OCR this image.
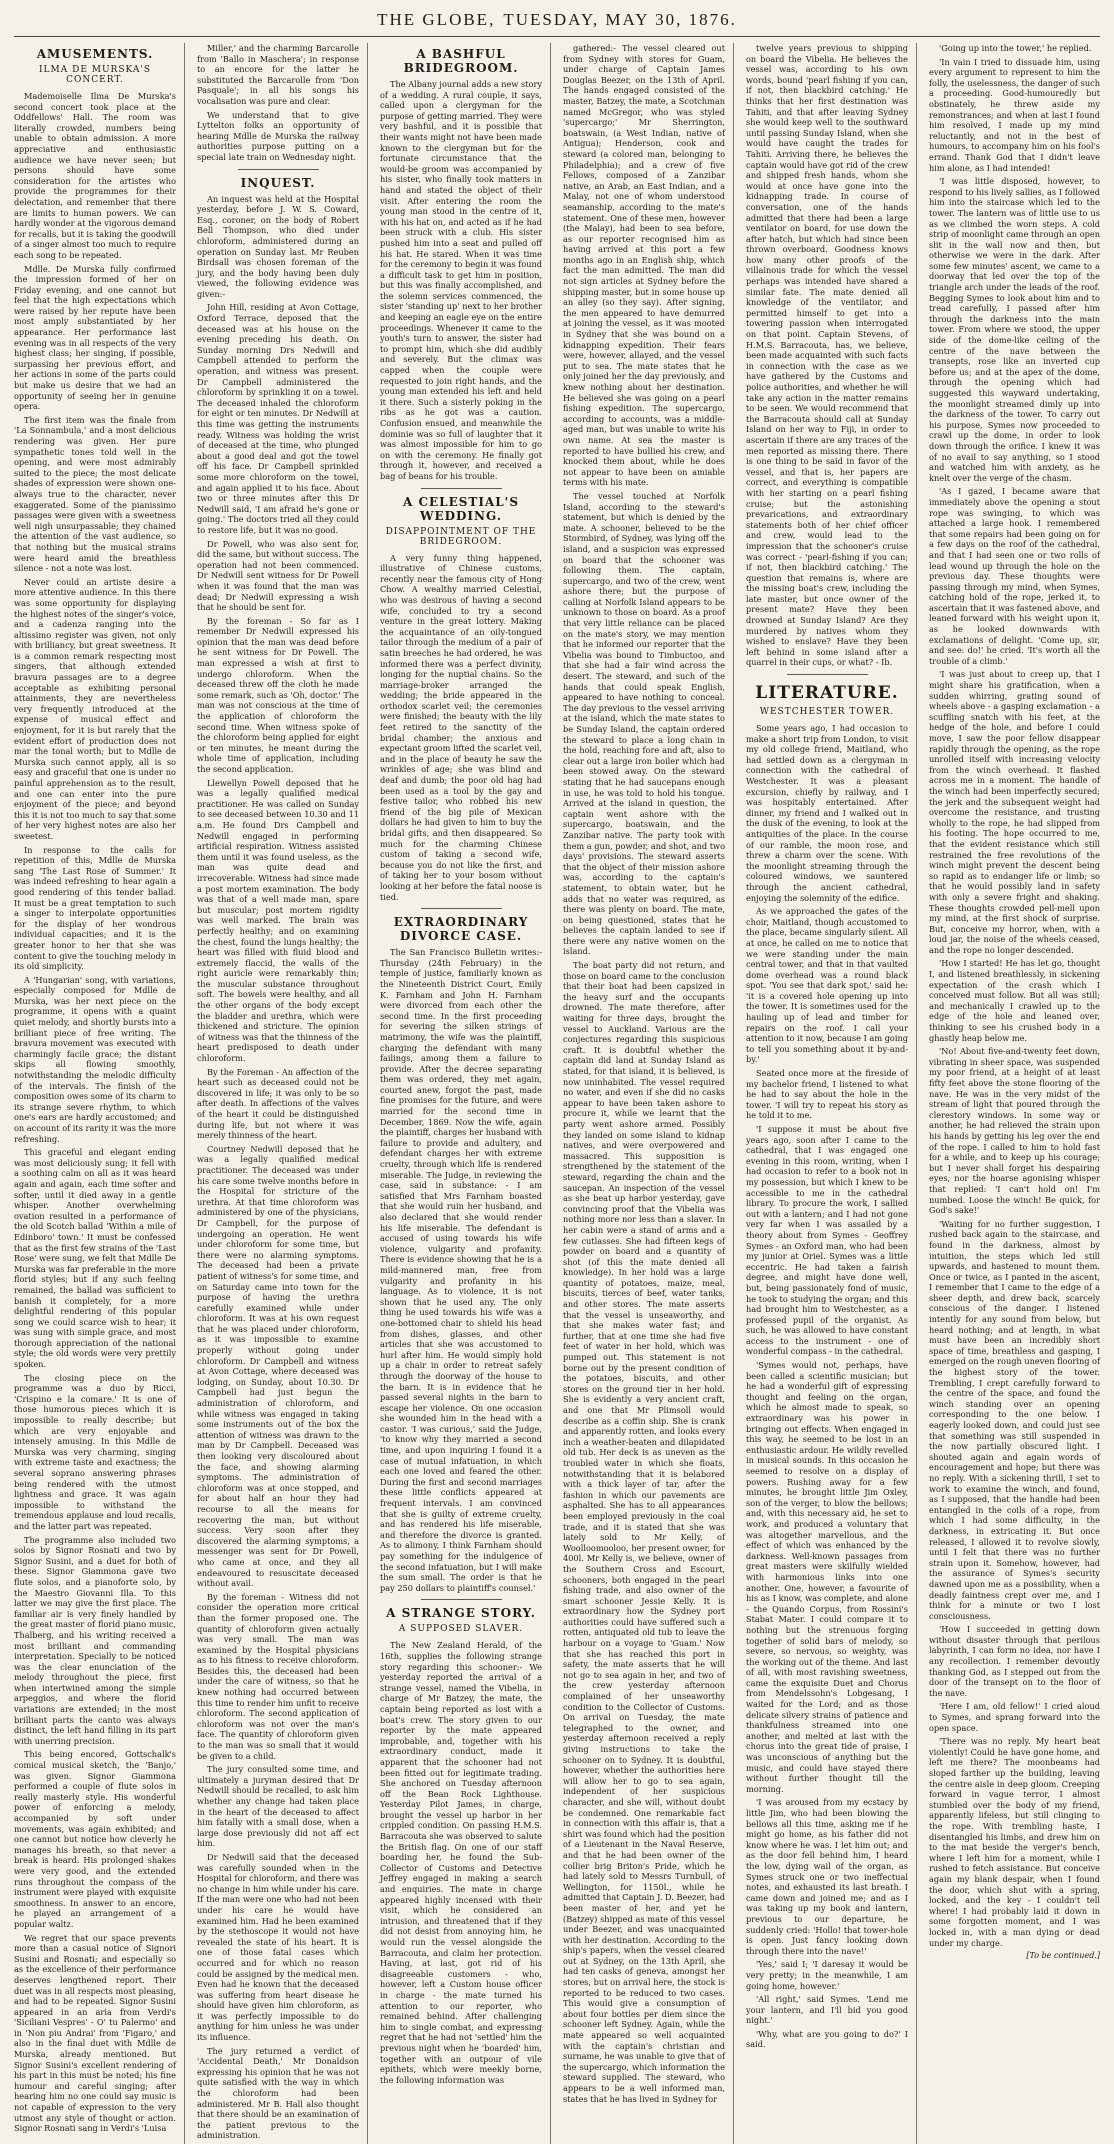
THE GLOBE, TUESDAY, MAY 30, 1876.
AMUSEMENTS.
ILMA DE MURSKA'S CONCERT.

Mademoiselle Ilma De Murska's second concert took place at the Oddfellows' Hall. The room was literally crowded, numbers being unable to obtain admission. A more appreciative and enthusiastic audience we have never seen; but persons should have some consideration for the artistes who provide the programmes for their delectation, and remember that there are limits to human powers. We can hardly wonder at the vigorous demand for recalls, but it is taking the goodwill of a singer almost too much to require each song to be repeated.

Mdlle. De Murska fully confirmed the impression formed of her on Friday evening, and one cannot but feel that the high expectations which were raised by her repute have been most amply substantiated by her appearance. Her performance last evening was in all respects of the very highest class; her singing, if possible, surpassing her previous effort, and her actions in some of the parts could but make us desire that we had an opportunity of seeing her in genuine opera.

The first item was the finale from 'La Sonnambula,' and a most delicious rendering was given. Her pure sympathetic tones told well in the opening, and were most admirably suited to the piece; the most delicate shades of expression were shown one-always true to the character, never exaggerated. Some of the pianissimo passages were given with a sweetness well nigh unsurpassable; they chained the attention of the vast audience, so that nothing but the musical strains were heard amid the breathless silence - not a note was lost.

Never could an artiste desire a more attentive audience. In this there was some opportunity for displaying the highest notes of the singer's voice, and a cadenza ranging into the altissimo register was given, not only with brilliancy, but great sweetness. It is a common remark respecting most singers, that although extended bravura passages are to a degree acceptable as exhibiting personal attainments, they are nevertheless very frequently introduced at the expense of musical effect and enjoyment, for it is but rarely that the evident effort of production does not mar the tonal worth; but to Mdlle de Murska such cannot apply, all is so easy and graceful that one is under no painful apprehension as to the result, and one can enter into the pure enjoyment of the piece; and beyond this it is not too much to say that some of her very highest notes are also her sweetest.

In response to the calls for repetition of this, Mdlle de Murska sang 'The Last Rose of Summer.' It was indeed refreshing to hear again a good rendering of this tender ballad. It must be a great temptation to such a singer to interpolate opportunities for the display of her wondrous individual capacities; and it is the greater honor to her that she was content to give the touching melody in its old simplicity.

A 'Hungarian' song, with variations, especially composed for Mdlle de Murska, was her next piece on the programme, it opens with a quaint quiet melody, and shortly bursts into a brilliant piece of free writing. The bravura movement was executed with charmingly facile grace; the distant skips all flowing smoothly, notwithstanding the melodic difficulty of the intervals. The finish of the composition owes some of its charm to its strange severe rhythm, to which one's ears are hardly accustomed; and on account of its rarity it was the more refreshing.

This graceful and elegant ending was most deliciously sung; it fell with a soothing calm on all as it was heard again and again, each time softer and softer, until it died away in a gentle whisper. Another overwhelming ovation resulted in a performance of the old Scotch ballad 'Within a mile of Edinboro' town.' It must be confessed that as the first few strains of the 'Last Rose' were sung, we felt that Mdlle De Murska was far preferable in the more florid styles; but if any such feeling remained, the ballad was sufficient to banish it completely, for a more delightful rendering of this popular song we could scarce wish to hear; it was sung with simple grace, and most thorough appreciation of the national style; the old words were very prettily spoken.

The closing piece on the programme was a duo by Ricci, 'Crispino e la comare.' It is one of those humorous pieces which it is impossible to really describe; but which are very enjoyable and intensely amusing. In this Mdlle de Murska was very charming, singing with extreme taste and exactness; the several soprano answering phrases being rendered with the utmost lightness and grace. It was again impossible to withstand the tremendous applause and loud recalls, and the latter part was repeated.

The programme also included two solos by Signor Rosnati and two by Signor Susini, and a duet for both of these. Signor Giammona gave two flute solos, and a pianoforte solo, by the Maestro Giovanni Illa. To this latter we may give the first place. The familiar air is very finely handled by the great master of florid piano music, Thalberg, and his writing received a most brilliant and commanding interpretation. Specially to be noticed was the clear enunciation of the melody throughout the piece, first when intertwined among the simple arpeggios, and where the florid variations are extended; in the most brilliant parts the canto was always distinct, the left hand filling in its part with unerring precision.

This being encored, Gottschalk's comical musical sketch, the 'Banjo,' was given. Signor Giammona performed a couple of flute solos in really masterly style. His wonderful power of enforcing a melody, accompanied by soft under movements, was again exhibited; and one cannot but notice how cleverly he manages his breath, so that never a break is heard. His prolonged shakes were very good, and the extended runs throughout the compass of the instrument were played with exquisite smoothness. In answer to an encore, he played an arrangement of a popular waltz.

We regret that our space prevents more than a casual notice of Signori Susini and Rosnati; and especially so as the excellence of their performance deserves lengthened report. Their duet was in all respects most pleasing, and had to be repeated. Signor Susini appeared in an aria from Verdi's 'Siciliani Vespres' - O' tu Palermo' and in 'Non piu Andrai' from 'Figaro,' and also in the final duet with Mdlle de Murska, already mentioned. But Signor Susini's excellent rendering of his part in this must be noted; his fine humour and careful singing; after hearing him no one could say music is not capable of expression to the very utmost any style of thought or action. Signor Rosnati sang in Verdi's 'Luisa

Miller,' and the charming Barcarolle from 'Ballo in Maschera'; in response to an encore for the latter he substituted the Barcarolle from 'Don Pasquale'; in all his songs his vocalisation was pure and clear.

We understand that to give Lyttelton folks an opportunity of hearing Mdlle de Murska the railway authorities purpose putting on a special late train on Wednesday night.

INQUEST.

An inquest was held at the Hospital yesterday, before J. W. S. Coward, Esq., coroner, on the body of Robert Bell Thompson, who died under chloroform, administered during an operation on Sunday last. Mr Reuben Birdsall was chosen foreman of the jury, and the body having been duly viewed, the following evidence was given:-

John Hill, residing at Avon Cottage, Oxford Terrace, deposed that the deceased was at his house on the evening preceding his death. On Sunday morning Drs Nedwill and Campbell attended to perform the operation, and witness was present. Dr Campbell administered the chloroform by sprinkling it on a towel. The deceased inhaled the chloroform for eight or ten minutes. Dr Nedwill at this time was getting the instruments ready. Witness was holding the wrist of deceased at the time, who plunged about a good deal and got the towel off his face. Dr Campbell sprinkled some more chloroform on the towel, and again applied it to his face. About two or three minutes after this Dr Nedwill said, 'I am afraid he's gone or going.' The doctors tried all they could to restore life, but it was no good.

Dr Powell, who was also sent for, did the same, but without success. The operation had not been commenced. Dr Nedwill sent witness for Dr Powell when it was found that the man was dead; Dr Nedwill expressing a wish that he should be sent for.

By the foreman - So far as I remember Dr Nedwill expressed his opinion that the man was dead before he sent witness for Dr Powell. The man expressed a wish at first to undergo chloroform. When the deceased threw off the cloth he made some remark, such as 'Oh, doctor.' The man was not conscious at the time of the application of chloroform the second time. When witness spoke of the chloroform being applied for eight or ten minutes, he meant during the whole time of application, including the second application.

Llewellyn Powell deposed that he was a legally qualified medical practitioner. He was called on Sunday to see deceased between 10.30 and 11 a.m. He found Drs Campbell and Nedwill engaged in performing artificial respiration. Witness assisted them until it was found useless, as the man was quite dead and irrecoverable. Witness had since made a post mortem examination. The body was that of a well made man, spare but muscular; post mortem rigidity was well marked. The brain was perfectly healthy; and on examining the chest, found the lungs healthy; the heart was filled with fluid blood and extremely flaccid, the walls of the right auricle were remarkably thin; the muscular substance throughout soft. The bowels were healthy, and all the other organs of the body except the bladder and urethra, which were thickened and stricture. The opinion of witness was that the thinness of the heart predisposed to death under chloroform.

By the Foreman - An affection of the heart such as deceased could not be discovered in life; it was only to be so after death. In affections of the valves of the heart it could be distinguished during life, but not where it was merely thinness of the heart.

Courtney Nedwill deposed that he was a legally qualified medical practitioner. The deceased was under his care some twelve months before in the Hospital for stricture of the urethra. At that time chloroform was administered by one of the physicians, Dr Campbell, for the purpose of undergoing an operation. He went under chloroform for some time, but there were no alarming symptoms. The deceased had been a private patient of witness's for some time, and on Saturday came into town for the purpose of having the urethra carefully examined while under chloroform. It was at his own request that he was placed under chloroform, as it was impossible to examine properly without going under chloroform. Dr Campbell and witness at Avon Cottage, where deceased was lodging, on Sunday, about 10.30. Dr Campbell had just begun the administration of chloroform, and while witness was engaged in taking some instruments out of the box the attention of witness was drawn to the man by Dr Campbell. Deceased was then looking very discoloured about the face, and showing alarming symptoms. The administration of chloroform was at once stopped, and for about half an hour they had recourse to all the means for recovering the man, but without success. Very soon after they discovered the alarming symptoms, a messenger was sent for Dr Powell, who came at once, and they all endeavoured to resuscitate deceased without avail.

By the foreman - Witness did not consider the operation more critical than the former proposed one. The quantity of chloroform given actually was very small. The man was examined by the Hospital physicians as to his fitness to receive chloroform. Besides this, the deceased had been under the care of witness, so that he knew nothing had occurred between this time to render him unfit to receive chloroform. The second application of chloroform was not over the man's face. The quantity of chloroform given to the man was so small that it would be given to a child.

The jury consulted some time, and ultimately a juryman desired that Dr Nedwill should be recalled, to ask him whether any change had taken place in the heart of the deceased to affect him fatally with a small dose, when a large dose previously did not aff ect him.

Dr Nedwill said that the deceased was carefully sounded when in the Hospital for chloroform, and there was no change in him while under his care. If the man were one who had not been under his care he would have examined him. Had he been examined by the stethoscope it would not have revealed the state of his heart. It is one of those fatal cases which occurred and for which no reason could be assigned by the medical men. Even had he known that the deceased was suffering from heart disease he should have given him chloroform, as it was perfectly impossible to do anything for him unless he was under its influence.

The jury returned a verdict of 'Accidental Death,' Mr Donaldson expressing his opinion that he was not quite satisfied with the way in which the chloroform had been administered. Mr B. Hall also thought that there should be an examination of the patient previous to the administration.

A BASHFUL BRIDEGROOM.

The Albany journal adds a new story of a wedding. A rural couple, it says, called upon a clergyman for the purpose of getting married. They were very bashful, and it is possible that their wants might not have been made known to the clergyman but for the fortunate circumstance that the would-be groom was accompanied by his sister, who finally took matters in hand and stated the object of their visit. After entering the room the young man stood in the centre of it, with his hat on, and acted as if he had been struck with a club. His sister pushed him into a seat and pulled off his hat. He stared. When it was time for the ceremony to begin it was found a difficult task to get him in position, but this was finally accomplished, and the solemn services commenced, the sister 'standing up' next to her brother and keeping an eagle eye on the entire proceedings. Whenever it came to the youth's turn to answer, the sister had to prompt him, which she did audibly and severely. But the climax was capped when the couple were requested to join right hands, and the young man extended his left and held it there. Such a sisterly poking in the ribs as he got was a caution. Confusion ensued, and meanwhile the dominie was so full of laughter that it was almost impossible for him to go on with the ceremony. He finally got through it, however, and received a bag of beans for his trouble.

A CELESTIAL'S WEDDING.
DISAPPOINTMENT OF THE BRIDEGROOM.

A very funny thing happened, illustrative of Chinese customs, recently near the famous city of Hong Chow. A wealthy married Celestial, who was desirous of having a second wife, concluded to try a second venture in the great lottery. Making the acquaintance of an oily-tongued tailor through the medium of a pair of satin breeches he had ordered, he was informed there was a perfect divinity, longing for the nuptial chains. So the marriage-broker arranged the wedding; the bride appeared in the orthodox scarlet veil; the ceremonies were finished; the beauty with the lily feet retired to the sanctity of the bridal chamber; the anxious and expectant groom lifted the scarlet veil, and in the place of beauty he saw the wrinkles of age; she was blind and deaf and dumb; the poor old hag had been used as a tool by the gay and festive tailor, who robbed his new friend of the big pile of Mexican dollars he had given to him to buy the bridal gifts, and then disappeared. So much for the charming Chinese custom of taking a second wife, because you do not like the first, and of taking her to your bosom without looking at her before the fatal noose is tied.

EXTRAORDINARY DIVORCE CASE.

The San Francisco Bulletin writes:- Thursday (24th February) in the temple of justice, familiarly known as the Nineteenth District Court, Emily K. Farnham and John H. Farnham were divorced from each other the second time. In the first proceeding for severing the silken strings of matrimony, the wife was the plaintiff, charging the defendant with many failings, among them a failure to provide. After the decree separating them was ordered, they met again, courted anew, forgot the past, made fine promises for the future, and were married for the second time in December, 1869. Now the wife, again the plaintiff, charges her husband with failure to provide and adultery, and defendant charges her with extreme cruelty, through which life is rendered miserable. The Judge, in reviewing the case, said in substance: - I am satisfied that Mrs Farnham boasted that she would ruin her husband, and also declared that she would render his life miserable. The defendant is accused of using towards his wife violence, vulgarity and profanity. There is evidence showing that he is a mild-mannered man, free from vulgarity and profanity in his language. As to violence, it is not shown that he used any. The only thing he used towards his wife was a one-bottomed chair to shield his head from dishes, glasses, and other articles that she was accustomed to hurl after him. He would simply hold up a chair in order to retreat safely through the doorway of the house to the barn. It is in evidence that he passed several nights in the barn to escape her violence. On one occasion she wounded him in the head with a castor. 'I was curious,' said the Judge, 'to know why they married a second time, and upon inquiring I found it a case of mutual infatuation, in which each one loved and feared the other. During the first and second marriages these little conflicts appeared at frequent intervals. I am convinced that she is guilty of extreme cruelty, and has rendered his life miserable, and therefore the divorce is granted. As to alimony, I think Farnham should pay something for the indulgence of the second infatuation, but I will make the sum small. The order is that he pay 250 dollars to plaintiff's counsel.'

A STRANGE STORY.
A SUPPOSED SLAVER.

The New Zealand Herald, of the 16th, supplies the following strange story regarding this schooner:- We yesterday reported the arrival of a strange vessel, named the Vibelia, in charge of Mr Batzey, the mate, the captain being reported as lost with a boat's crew. The story given to our reporter by the mate appeared improbable, and, together with his extraordinary conduct, made it apparent that the schooner had not been fitted out for legitimate trading. She anchored on Tuesday afternoon off the Bean Rock Lighthouse. Yesterday Pilot James, in charge, brought the vessel up harbor in her crippled condition. On passing H.M.S. Barracouta she was observed to salute the British flag. On one of our staff boarding her, he found the Sub-Collector of Customs and Detective Jeffrey engaged in making a search and enquiries. The mate in charge appeared highly incensed with their visit, which he considered an intrusion, and threatened that if they did not desist from annoying him, he would run the vessel alongside the Barracouta, and claim her protection. Having, at last, got rid of his disagreeable customers - who, however, left a Custom house officer in charge - the mate turned his attention to our reporter, who remained behind. After challenging him to single combat, and expressing regret that he had not 'settled' him the previous night when he 'boarded' him, together with an outpour of vile epithets, which were meekly borne, the following information was

gathered:- The vessel cleared out from Sydney with stores for Guam, under charge of Captain James Douglas Beezer, on the 13th of April. The hands engaged consisted of the master, Batzey, the mate, a Scotchman named McGregor, who was styled 'supercargo;' Mr Sherrington, boatswain, (a West Indian, native of Antigua); Henderson, cook and steward (a colored man, belonging to Philadelphia); and a crew of five Fellows, composed of a Zanzibar native, an Arab, an East Indian, and a Malay, not one of whom understood seamanship, according to the mate's statement. One of these men, however (the Malay), had been to sea before, as our reporter recognised him as having arrived at this port a few months ago in an English ship, which fact the man admitted. The man did not sign articles at Sydney before the shipping master, but in some house up an alley (so they say). After signing, the men appeared to have demurred at joining the vessel, as it was mooted in Sydney that she was bound on a kidnapping expedition. Their fears were, however, allayed, and the vessel put to sea. The mate states that he only joined her the day previously, and knew nothing about her destination. He believed she was going on a pearl fishing expedition. The supercargo, according to accounts, was a middle-aged man, but was unable to write his own name. At sea the master is reported to have bullied his crew, and knocked them about, while he does not appear to have been on amiable terms with his mate.

The vessel touched at Norfolk Island, according to the steward's statement, but which is denied by the mate. A schooner, believed to be the Stormbird, of Sydney, was lying off the island, and a suspicion was expressed on board that the schooner was following them. The captain, supercargo, and two of the crew, went ashore there; but the purpose of calling at Norfolk Island appears to be unknown to those on board. As a proof that very little reliance can be placed on the mate's story, we may mention that he informed our reporter that the Vibelia was bound to Timbuctoo, and that she had a fair wind across the desert. The steward, and such of the hands that could speak English, appeared to have nothing to conceal. The day previous to the vessel arriving at the island, which the mate states to be Sunday Island, the captain ordered the steward to place a long chain in the hold, reaching fore and aft, also to clear out a large iron boiler which had been stowed away. On the steward stating that he had saucepans enough in use, he was told to hold his tongue. Arrived at the island in question, the captain went ashore with the supercargo, boatswain, and the Zanzibar native. The party took with them a gun, powder, and shot, and two days' provisions. The steward asserts that the object of their mission ashore was, according to the captain's statement, to obtain water, but he adds that no water was required, as there was plenty on board. The mate, on being questioned, states that he believes the captain landed to see if there were any native women on the island.

The boat party did not return, and those on board came to the conclusion that their boat had been capsized in the heavy surf and the occupants drowned. The mate therefore, after waiting for three days, brought the vessel to Auckland. Various are the conjectures regarding this suspicious craft. It is doubtful whether the captain did land at Sunday Island as stated, for that island, it is believed, is now uninhabited. The vessel required no water, and even if she did no casks appear to have been taken ashore to procure it, while we learnt that the party went ashore armed. Possibly they landed on some island to kidnap natives, and were overpowered and massacred. This supposition is strengthened by the statement of the steward, regarding the chain and the saucepan. An inspection of the vessel as she beat up harbor yesterday, gave convincing proof that the Vibelia was nothing more nor less than a slaver. In her cabin were a stand of arms and a few cutlasses. She had fifteen kegs of powder on board and a quantity of shot (of this the mate denied all knowledge). In her hold was a large quantity of potatoes, maize, meal, biscuits, tierces of beef, water tanks, and other stores. The mate asserts that the vessel is unseaworthy, and that she makes water fast; and further, that at one time she had five feet of water in her hold, which was pumped out. This statement is not borne out by the present condition of the potatoes, biscuits, and other stores on the ground tier in her hold. She is evidently a very ancient craft, and one that Mr Plimsoll would describe as a coffin ship. She is crank and apparently rotten, and looks every inch a weather-beaten and dilapidated old tub. Her deck is as uneven as the troubled water in which she floats, notwithstanding that it is belabored with a thick layer of tar, after the fashion in which our pavements are asphalted. She has to all appearances been employed previously in the coal trade, and it is stated that she was lately sold to Mr Kelly, of Woolloomooloo, her present owner, for 400l. Mr Kelly is, we believe, owner of the Southern Cross and Escourt, schooners, both engaged in the pearl fishing trade, and also owner of the smart schooner Jessie Kelly. It is extraordinary how the Sydney port authorities could have suffered such a rotten, antiquated old tub to leave the harbour on a voyage to 'Guam.' Now that she has reached this port in safety, the mate asserts that he will not go to sea again in her, and two of the crew yesterday afternoon complained of her unseaworthy condition to the Collector of Customs. On arrival on Tuesday, the mate telegraphed to the owner, and yesterday afternoon received a reply giving instructions to take the schooner on to Sydney. It is doubtful, however, whether the authorities here will allow her to go to sea again, independent of her suspicious character, and she will, without doubt be condemned. One remarkable fact in connection with this affair is, that a shirt was found which had the position of a Lieutenant in the Naval Reserve, and that he had been owner of the collier brig Briton's Pride, which he had lately sold to Messrs Turnbull, of Wellington, for 1150l., while he admitted that Captain J. D. Beezer, had been master of her, and yet he (Batzey) shipped as mate of this vessel under Beezer, and was unacquainted with her destination. According to the ship's papers, when the vessel cleared out at Sydney, on the 13th April, she had ten casks of geneva, amongst her stores, but on arrival here, the stock is reported to be reduced to two cases. This would give a consumption of about four bottles per diem since the schooner left Sydney. Again, while the mate appeared so well acquainted with the captain's christian and surname, he was unable to give that of the supercargo, which information the steward supplied. The steward, who appears to be a well informed man, states that he has lived in Sydney for

twelve years previous to shipping on board the Vibelia. He believes the vessel was, according to his own words, bound 'pearl fishing if you can, if not, then blackbird catching.' He thinks that her first destination was Tahiti, and that after leaving Sydney she would keep well to the southward until passing Sunday Island, when she would have caught the trades for Tahiti. Arriving there, he believes the captain would have got rid of the crew and shipped fresh hands, whom she would at once have gone into the kidnapping trade. In course of conversation, one of the hands admitted that there had been a large ventilator on board, for use down the after hatch, but which had since been thrown overboard. Goodness knows how many other proofs of the villainous trade for which the vessel perhaps was intended have shared a similar fate. The mate denied all knowledge of the ventilator, and permitted himself to get into a towering passion when interrogated on that point. Captain Stevens, of H.M.S. Barracouta, has, we believe, been made acquainted with such facts in connection with the case as we have gathered by the Customs and police authorities, and whether he will take any action in the matter remains to be seen. We would recommend that the Barracouta should call at Sunday Island on her way to Fiji, in order to ascertain if there are any traces of the men reported as missing there. There is one thing to be said in favor of the vessel, and that is, her papers are correct, and everything is compatible with her starting on a pearl fishing cruise; but the astonishing prevarications, and extraordinary statements both of her chief officer and crew, would lead to the impression that the schooner's cruise was correct - 'pearl-fishing if you can; if not, then blackbird catching.' The question that remains is, where are the missing boat's crew, including the late master, but once owner of the present mate? Have they been drowned at Sunday Island? Are they murdered by natives whom they wished to enslave? Have they been left behind in some island after a quarrel in their cups, or what? - Ib.

LITERATURE.
WESTCHESTER TOWER.

Some years ago, I had occasion to make a short trip from London, to visit my old college friend, Maitland, who had settled down as a clergyman in connection with the cathedral of Westchester. It was a pleasant excursion, chiefly by railway, and I was hospitably entertained. After dinner, my friend and I walked out in the dusk of the evening, to look at the antiquities of the place. In the course of our ramble, the moon rose, and threw a charm over the scene. With the moonlight streaming through the coloured windows, we sauntered through the ancient cathedral, enjoying the solemnity of the edifice.

As we approached the gates of the choir, Maitland, though accustomed to the place, became singularly silent. All at once, he called on me to notice that we were standing under the main central tower, and that in that vaulted dome overhead was a round black spot. 'You see that dark spot,' said he: 'it is a covered hole opening up into the tower. It is sometimes used for the hauling up of lead and timber for repairs on the roof. I call your attention to it now, because I am going to tell you something about it by-and-by.'

Seated once more at the fireside of my bachelor friend, I listened to what he had to say about the hole in the tower. 'I will try to repeat his story as he told it to me.

'I suppose it must be about five years ago, soon after I came to the cathedral, that I was engaged one evening in this room, writing, when I had occasion to refer to a book not in my possession, but which I knew to be accessible to me in the cathedral library. To procure the work, I sallied out with a lantern; and I had not gone very far when I was assailed by a theory about from Symes - Geoffrey Symes - an Oxford man, who had been my junior at Oriel. Symes was a little eccentric. He had taken a fairish degree, and might have done well, but, being passionately fond of music, he took to studying the organ; and this had brought him to Westchester, as a professed pupil of the organist. As such, he was allowed to have constant access to the instrument - one of wonderful compass - in the cathedral.

'Symes would not, perhaps, have been called a scientific musician; but he had a wonderful gift of expressing thought and feeling on the organ, which he almost made to speak, so extraordinary was his power in bringing out effects. When engaged in this way, he seemed to be lost in an enthusiastic ardour. He wildly revelled in musical sounds. In this occasion he seemed to resolve on a display of powers. Rushing away for a few minutes, he brought little Jim Oxley, son of the verger, to blow the bellows; and, with this necessary aid, he set to work, and produced a voluntary that was altogether marvellous, and the effect of which was enhanced by the darkness. Well-known passages from great masters were skilfully wielded with harmonious links into one another. One, however, a favourite of his as I know, was complete, and alone - the Quando Corpus, from Rossini's Stabat Mater. I could compare it to nothing but the strenuous forging together of solid bars of melody, so severe, so nervous, so weighty, was the working out of the theme. And last of all, with most ravishing sweetness, came the exquisite Duet and Chorus from Mendelssohn's Lobgesang, I waited for the Lord; and as those delicate silvery strains of patience and thankfulness streamed into one another, and melted at last with the chorus into the great tide of praise, I was unconscious of anything but the music, and could have stayed there without further thought till the morning.

'I was aroused from my ecstacy by little Jim, who had been blowing the bellows all this time, asking me if he might go home, as his father did not know where he was. I let him out; and as the door fell behind him, I heard the low, dying wail of the organ, as Symes struck one or two ineffectual notes, and exhausted its last breath. I came down and joined me; and as I was taking up my book and lantern, previous to our departure, he suddenly cried: 'Hollo! that tower-hole is open. Just fancy looking down through there into the nave!'

'Yes,' said I; 'I daresay it would be very pretty; in the meanwhile, I am going home, however.'

'All right,' said Symes. 'Lend me your lantern, and I'll bid you good night.'

'Why, what are you going to do?' I said.

'Going up into the tower,' he replied.

'In vain I tried to dissuade him, using every argument to represent to him the folly, the uselessness, the danger of such a proceeding. Good-humouredly but obstinately, he threw aside my remonstrances; and when at last I found him resolved, I made up my mind reluctantly, and not in the best of humours, to accompany him on his fool's errand. Thank God that I didn't leave him alone, as I had intended!

'I was little disposed, however, to respond to his lively sallies, as I followed him into the staircase which led to the tower. The lantern was of little use to us as we climbed the worn steps. A cold strip of moonlight came through an open slit in the wall now and then, but otherwise we were in the dark. After some few minutes' ascent, we came to a doorway that led over the top of the triangle arch under the leads of the roof. Begging Symes to look about him and to tread carefully, I passed after him through the darkness into the main tower. From where we stood, the upper side of the dome-like ceiling of the centre of the nave between the transepts, rose like an inverted cup before us; and at the apex of the dome, through the opening which had suggested this wayward undertaking, the moonlight streamed dimly up into the darkness of the tower. To carry out his purpose, Symes now proceeded to crawl up the dome, in order to look down through the orifice. I knew it was of no avail to say anything, so I stood and watched him with anxiety, as he knelt over the verge of the chasm.

'As I gazed, I became aware that immediately above the opening a stout rope was swinging, to which was attached a large hook. I remembered that some repairs had been going on for a few days on the roof of the cathedral, and that I had seen one or two rolls of lead wound up through the hole on the previous day. These thoughts were passing through my mind, when Symes, catching hold of the rope, jerked it, to ascertain that it was fastened above, and leaned forward with his weight upon it, as he looked downwards with exclamations of delight. 'Come up, sir, and see: do!' he cried. 'It's worth all the trouble of a climb.'

'I was just about to creep up, that I might share his gratification, when a sudden whirring, grating sound of wheels above - a gasping exclamation - a scuffling snatch with his feet, at the hedge of the hole, and before I could move, I saw the poor fellow disappear rapidly through the opening, as the rope unrolled itself with increasing velocity from the winch overhead. It flashed across me in a moment. The handle of the winch had been imperfectly secured; the jerk and the subsequent weight had overcome the resistance, and trusting wholly to the rope, he had slipped from his footing. The hope occurred to me, that the evident resistance which still restrained the free revolutions of the winch might prevent the descent being so rapid as to endanger life or limb; so that he would possibly land in safety with only a severe fright and shaking. These thoughts crowded pell-mell upon my mind, at the first shock of surprise. But, conceive my horror, when, with a loud jar, the noise of the wheels ceased, and the rope no longer descended.

'How I started! He has let go, thought I, and listened breathlessly, in sickening expectation of the crash which I conceived must follow. But all was still; and mechanically I crawled up to the edge of the hole and leaned over, thinking to see his crushed body in a ghastly heap below me.

'No! About five-and-twenty feet down, vibrating in sheer space, was suspended my poor friend, at a height of at least fifty feet above the stone flooring of the nave. He was in the very midst of the stream of light that poured through the clerestory windows. In some way or another, he had relieved the strain upon his hands by getting his leg over the end of the rope. I called to him to hold fast for a while, and to keep up his courage; but I never shall forget his despairing eyes, nor the hoarse agonising whisper that replied: 'I can't hold on! I'm numbed. Loose the winch! Be quick, for God's sake!'

'Waiting for no further suggestion, I rushed back again to the staircase, and found in the darkness, almost by intuition, the steps which led still upwards, and hastened to mount them. Once or twice, as I panted in the ascent, I remember that I came to the edge of a sheer depth, and drew back, scarcely conscious of the danger. I listened intently for any sound from below, but heard nothing; and at length, in what must have been an incredibly short space of time, breathless and gasping, I emerged on the rough uneven flooring of the highest story of the tower. Trembling, I crept carefully forward to the centre of the space, and found the winch standing over an opening corresponding to the one below. I eagerly looked down, and could just see that something was still suspended in the now partially obscured light. I shouted again and again words of encouragement and hope; but there was no reply. With a sickening thrill, I set to work to examine the winch, and found, as I supposed, that the handle had been entangled in the coils of a rope, from which I had some difficulty, in the darkness, in extricating it. But once released, I allowed it to revolve slowly, until I felt that there was no further strain upon it. Somehow, however, had the assurance of Symes's security dawned upon me as a possibility, when a deadly faintness crept over me, and I think for a minute or two I lost consciousness.

'How I succeeded in getting down without disaster through that perilous labyrinth, I can form no idea, nor have I any recollection. I remember devoutly thanking God, as I stepped out from the door of the transept on to the floor of the nave.

'Here I am, old fellow!' I cried aloud to Symes, and sprang forward into the open space.

'There was no reply. My heart beat violently! Could he have gone home, and left me there? The moonbeams had sloped farther up the building, leaving the centre aisle in deep gloom. Creeping forward in vague terror, I almost stumbled over the body of my friend, apparently lifeless, but still clinging to the rope. With trembling haste, I disentangled his limbs, and drew him on to the mat beside the verger's bench, where I left him for a moment, while I rushed to fetch assistance. But conceive again my blank despair, when I found the door, which shut with a spring, locked, and the key - I couldn't tell where! I had probably laid it down in some forgotten moment, and I was locked in, with a man dying or dead under my charge.

[To be continued.]
